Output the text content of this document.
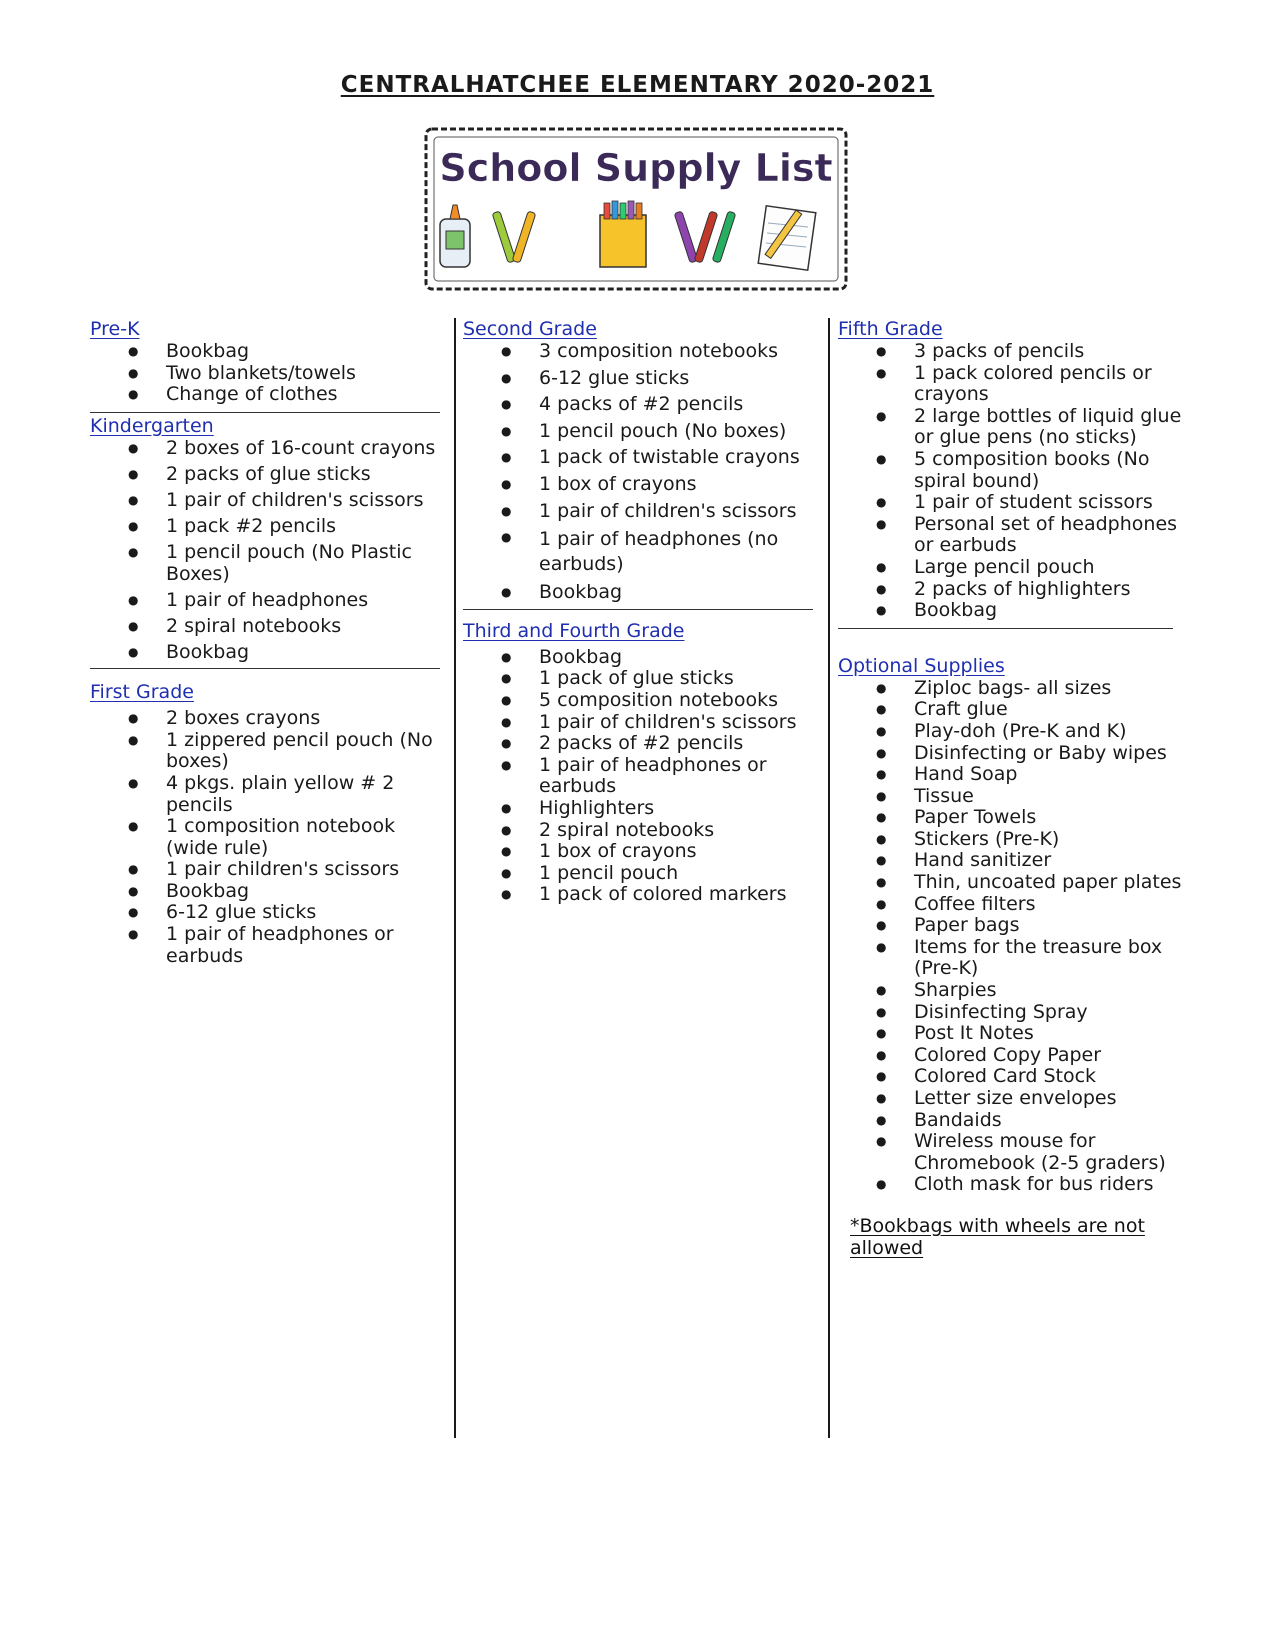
CENTRALHATCHEE ELEMENTARY 2020-2021
School Supply List
Pre-K
● Bookbag
● Two blankets/towels
● Change of clothes
Kindergarten
● 2 boxes of 16-count crayons
● 2 packs of glue sticks
● 1 pair of children's scissors
● 1 pack #2 pencils
● 1 pencil pouch (No Plastic Boxes)
● 1 pair of headphones
● 2 spiral notebooks
● Bookbag
First Grade
● 2 boxes crayons
● 1 zippered pencil pouch (No boxes)
● 4 pkgs. plain yellow # 2 pencils
● 1 composition notebook (wide rule)
● 1 pair children's scissors
● Bookbag
● 6-12 glue sticks
● 1 pair of headphones or earbuds
Second Grade
● 3 composition notebooks
● 6-12 glue sticks
● 4 packs of #2 pencils
● 1 pencil pouch (No boxes)
● 1 pack of twistable crayons
● 1 box of crayons
● 1 pair of children's scissors
● 1 pair of headphones (no earbuds)
● Bookbag
Third and Fourth Grade
● Bookbag
● 1 pack of glue sticks
● 5 composition notebooks
● 1 pair of children's scissors
● 2 packs of #2 pencils
● 1 pair of headphones or earbuds
● Highlighters
● 2 spiral notebooks
● 1 box of crayons
● 1 pencil pouch
● 1 pack of colored markers
Fifth Grade
● 3 packs of pencils
● 1 pack colored pencils or crayons
● 2 large bottles of liquid glue or glue pens (no sticks)
● 5 composition books (No spiral bound)
● 1 pair of student scissors
● Personal set of headphones or earbuds
● Large pencil pouch
● 2 packs of highlighters
● Bookbag
Optional Supplies
● Ziploc bags- all sizes
● Craft glue
● Play-doh (Pre-K and K)
● Disinfecting or Baby wipes
● Hand Soap
● Tissue
● Paper Towels
● Stickers (Pre-K)
● Hand sanitizer
● Thin, uncoated paper plates
● Coffee filters
● Paper bags
● Items for the treasure box (Pre-K)
● Sharpies
● Disinfecting Spray
● Post It Notes
● Colored Copy Paper
● Colored Card Stock
● Letter size envelopes
● Bandaids
● Wireless mouse for Chromebook (2-5 graders)
● Cloth mask for bus riders
*Bookbags with wheels are not allowed
